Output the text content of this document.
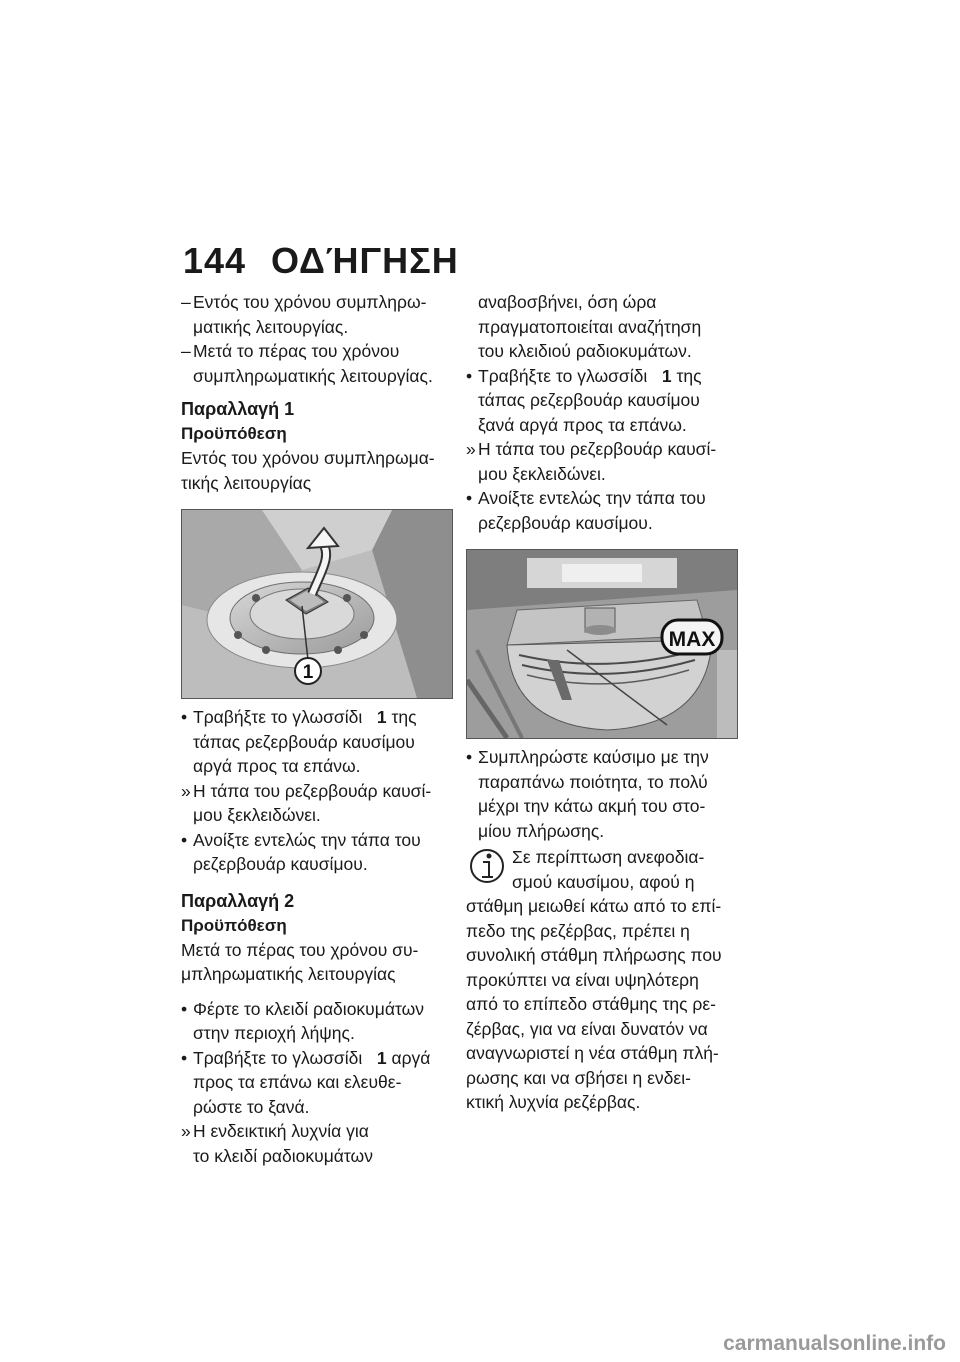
144 ΟΔΉΓΗΣΗ
– Εντός του χρόνου συμπληρω-
ματικής λειτουργίας.
– Μετά το πέρας του χρόνου
συμπληρωματικής λειτουργίας.
Παραλλαγή 1
Προϋπόθεση
Εντός του χρόνου συμπληρωμα-
τικής λειτουργίας
1
• Τραβήξτε το γλωσσίδι 1 της
τάπας ρεζερβουάρ καυσίμου
αργά προς τα επάνω.
» Η τάπα του ρεζερβουάρ καυσί-
μου ξεκλειδώνει.
• Ανοίξτε εντελώς την τάπα του
ρεζερβουάρ καυσίμου.
Παραλλαγή 2
Προϋπόθεση
Μετά το πέρας του χρόνου συ-
μπληρωματικής λειτουργίας
• Φέρτε το κλειδί ραδιοκυμάτων
στην περιοχή λήψης.
• Τραβήξτε το γλωσσίδι 1 αργά
προς τα επάνω και ελευθε-
ρώστε το ξανά.
» Η ενδεικτική λυχνία για
το κλειδί ραδιοκυμάτων
αναβοσβήνει, όση ώρα
πραγματοποιείται αναζήτηση
του κλειδιού ραδιοκυμάτων.
• Τραβήξτε το γλωσσίδι 1 της
τάπας ρεζερβουάρ καυσίμου
ξανά αργά προς τα επάνω.
» Η τάπα του ρεζερβουάρ καυσί-
μου ξεκλειδώνει.
• Ανοίξτε εντελώς την τάπα του
ρεζερβουάρ καυσίμου.
MAX
• Συμπληρώστε καύσιμο με την
παραπάνω ποιότητα, το πολύ
μέχρι την κάτω ακμή του στο-
μίου πλήρωσης.
Σε περίπτωση ανεφοδια-
σμού καυσίμου, αφού η
στάθμη μειωθεί κάτω από το επί-
πεδο της ρεζέρβας, πρέπει η
συνολική στάθμη πλήρωσης που
προκύπτει να είναι υψηλότερη
από το επίπεδο στάθμης της ρε-
ζέρβας, για να είναι δυνατόν να
αναγνωριστεί η νέα στάθμη πλή-
ρωσης και να σβήσει η ενδει-
κτική λυχνία ρεζέρβας.
carmanualsonline.info
